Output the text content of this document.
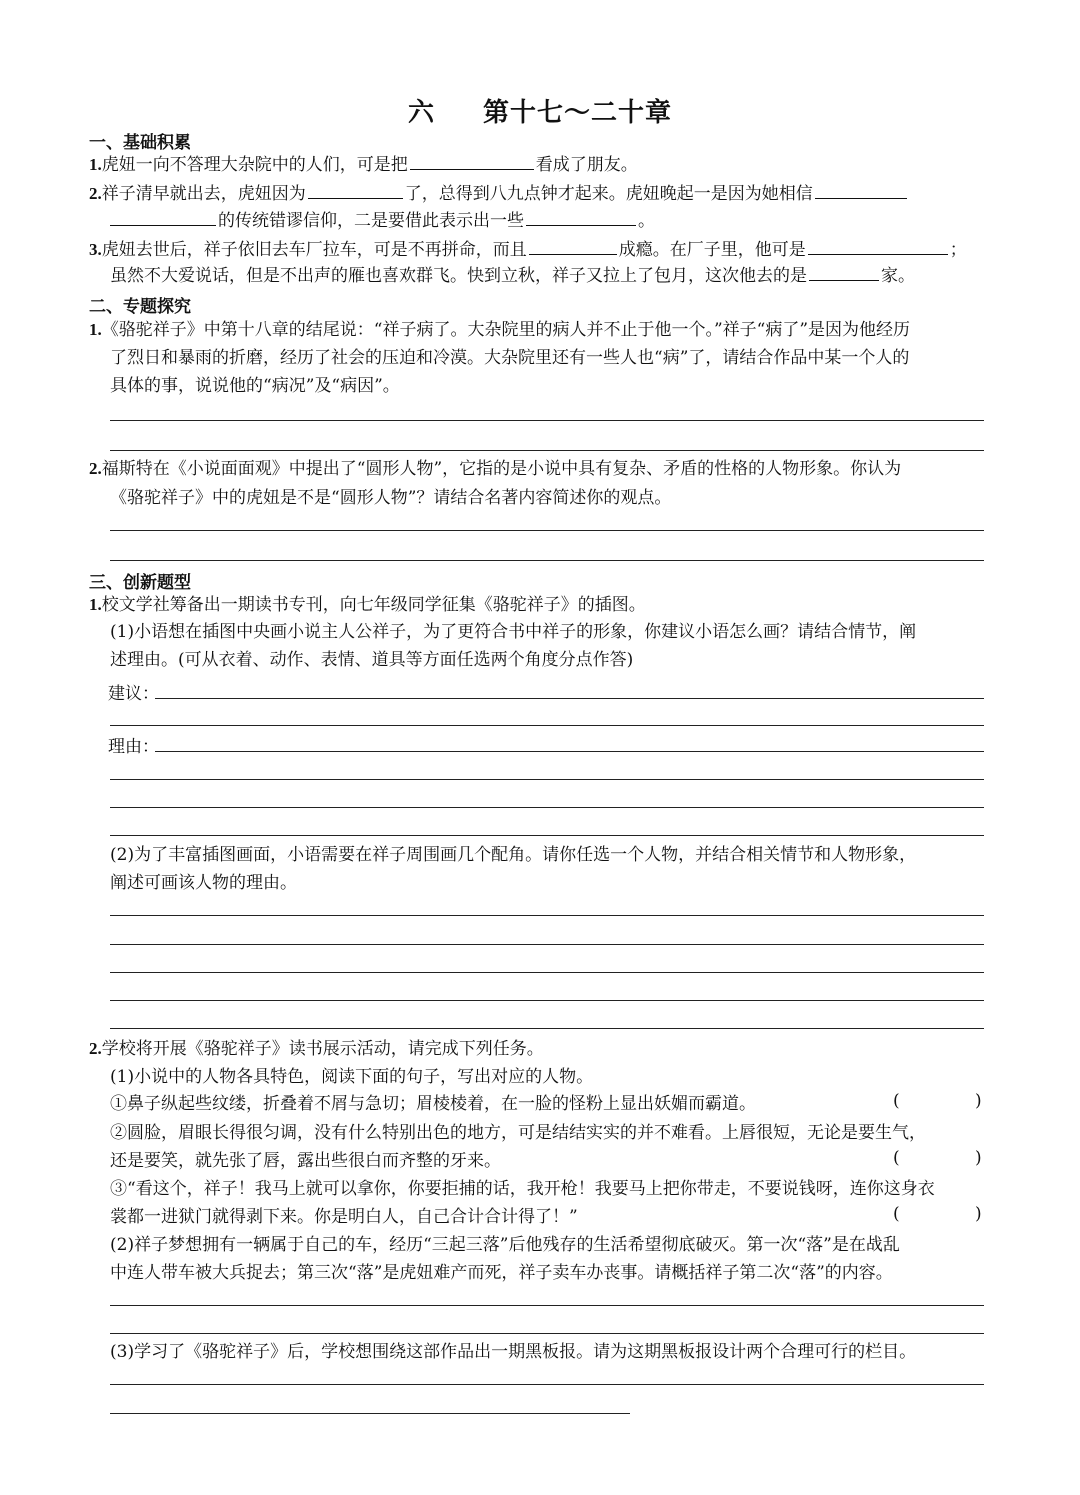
六 第十七～二十章
一、基础积累
1.虎妞一向不答理大杂院中的人们，可是把	看成了朋友。
2.祥子清早就出去，虎妞因为	了，总得到八九点钟才起来。虎妞晚起一是因为她相信
的传统错谬信仰，二是要借此表示出一些	。
3.虎妞去世后，祥子依旧去车厂拉车，可是不再拼命，而且	成瘾。在厂子里，他可是	；
虽然不大爱说话，但是不出声的雁也喜欢群飞。快到立秋，祥子又拉上了包月，这次他去的是	家。
二、专题探究
1.《骆驼祥子》中第十八章的结尾说：“祥子病了。大杂院里的病人并不止于他一个。”祥子“病了”是因为他经历
了烈日和暴雨的折磨，经历了社会的压迫和冷漠。大杂院里还有一些人也“病”了，请结合作品中某一个人的
具体的事，说说他的“病况”及“病因”。
2.福斯特在《小说面面观》中提出了“圆形人物”，它指的是小说中具有复杂、矛盾的性格的人物形象。你认为
《骆驼祥子》中的虎妞是不是“圆形人物”？请结合名著内容简述你的观点。
三、创新题型
1.校文学社筹备出一期读书专刊，向七年级同学征集《骆驼祥子》的插图。
(1)小语想在插图中央画小说主人公祥子，为了更符合书中祥子的形象，你建议小语怎么画？请结合情节，阐
述理由。(可从衣着、动作、表情、道具等方面任选两个角度分点作答)
建议：
理由：
(2)为了丰富插图画面，小语需要在祥子周围画几个配角。请你任选一个人物，并结合相关情节和人物形象，
阐述可画该人物的理由。
2.学校将开展《骆驼祥子》读书展示活动，请完成下列任务。
(1)小说中的人物各具特色，阅读下面的句子，写出对应的人物。
①鼻子纵起些纹缕，折叠着不屑与急切；眉棱棱着，在一脸的怪粉上显出妖媚而霸道。	(	)
②圆脸，眉眼长得很匀调，没有什么特别出色的地方，可是结结实实的并不难看。上唇很短，无论是要生气，
还是要笑，就先张了唇，露出些很白而齐整的牙来。	(	)
③“看这个，祥子！我马上就可以拿你，你要拒捕的话，我开枪！我要马上把你带走，不要说钱呀，连你这身衣
裳都一进狱门就得剥下来。你是明白人，自己合计合计得了！”	(	)
(2)祥子梦想拥有一辆属于自己的车，经历“三起三落”后他残存的生活希望彻底破灭。第一次“落”是在战乱
中连人带车被大兵捉去；第三次“落”是虎妞难产而死，祥子卖车办丧事。请概括祥子第二次“落”的内容。
(3)学习了《骆驼祥子》后，学校想围绕这部作品出一期黑板报。请为这期黑板报设计两个合理可行的栏目。
